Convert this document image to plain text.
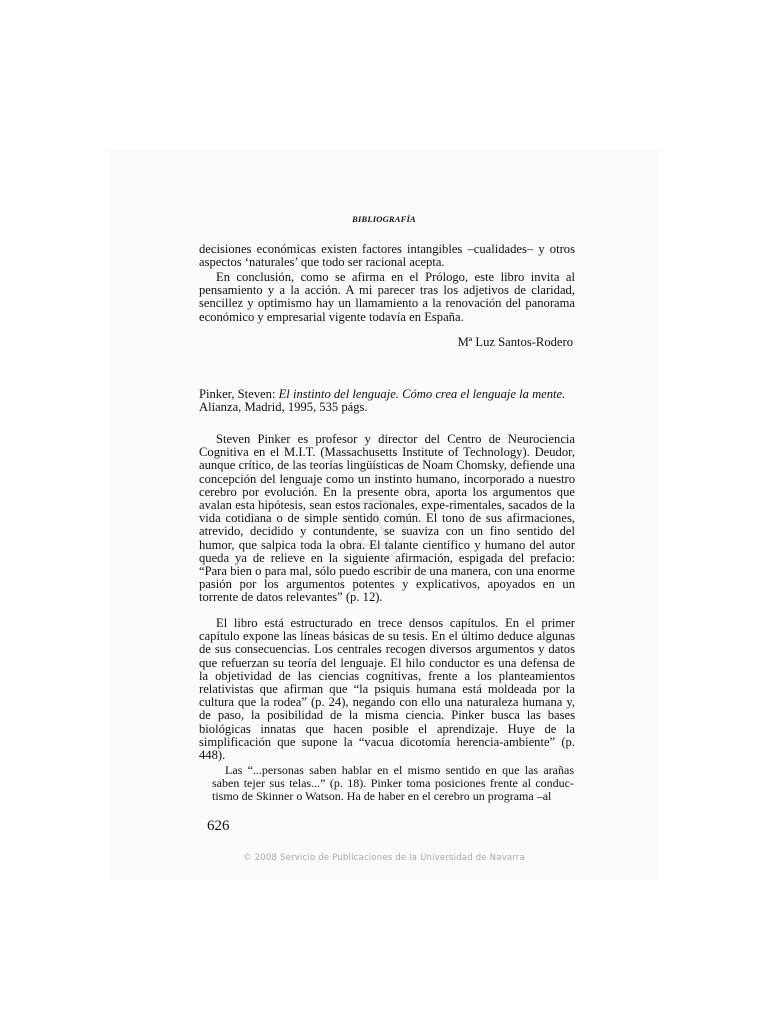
BIBLIOGRAFÍA

decisiones económicas existen factores intangibles –cualidades– y otros aspectos ‘naturales’ que todo ser racional acepta.

En conclusión, como se afirma en el Prólogo, este libro invita al pensamiento y a la acción. A mi parecer tras los adjetivos de claridad, sencillez y optimismo hay un llamamiento a la renovación del panorama económico y empresarial vigente todavía en España.

Mª Luz Santos-Rodero
Pinker, Steven: El instinto del lenguaje. Cómo crea el lenguaje la mente.
Alianza, Madrid, 1995, 535 págs.

Steven Pinker es profesor y director del Centro de Neurociencia Cognitiva en el M.I.T. (Massachusetts Institute of Technology). Deudor, aunque crítico, de las teorías lingüísticas de Noam Chomsky, defiende una concepción del lenguaje como un instinto humano, incorporado a nuestro cerebro por evolución. En la presente obra, aporta los argumentos que avalan esta hipótesis, sean estos racionales, expe-rimentales, sacados de la vida cotidiana o de simple sentido común. El tono de sus afirmaciones, atrevido, decidido y contundente, se suaviza con un fino sentido del humor, que salpica toda la obra. El talante científico y humano del autor queda ya de relieve en la siguiente afirmación, espigada del prefacio: “Para bien o para mal, sólo puedo escribir de una manera, con una enorme pasión por los argumentos potentes y explicativos, apoyados en un torrente de datos relevantes” (p. 12).

El libro está estructurado en trece densos capítulos. En el primer capítulo expone las líneas básicas de su tesis. En el último deduce algunas de sus consecuencias. Los centrales recogen diversos argumentos y datos que refuerzan su teoría del lenguaje. El hilo conductor es una defensa de la objetividad de las ciencias cognitivas, frente a los planteamientos relativistas que afirman que “la psiquis humana está moldeada por la cultura que la rodea” (p. 24), negando con ello una naturaleza humana y, de paso, la posibilidad de la misma ciencia. Pinker busca las bases biológicas innatas que hacen posible el aprendizaje. Huye de la simplificación que supone la “vacua dicotomía herencia-ambiente” (p. 448).

Las “...personas saben hablar en el mismo sentido en que las arañas saben tejer sus telas...” (p. 18). Pinker toma posiciones frente al conduc-tismo de Skinner o Watson. Ha de haber en el cerebro un programa –al

626
© 2008 Servicio de Publicaciones de la Universidad de Navarra
